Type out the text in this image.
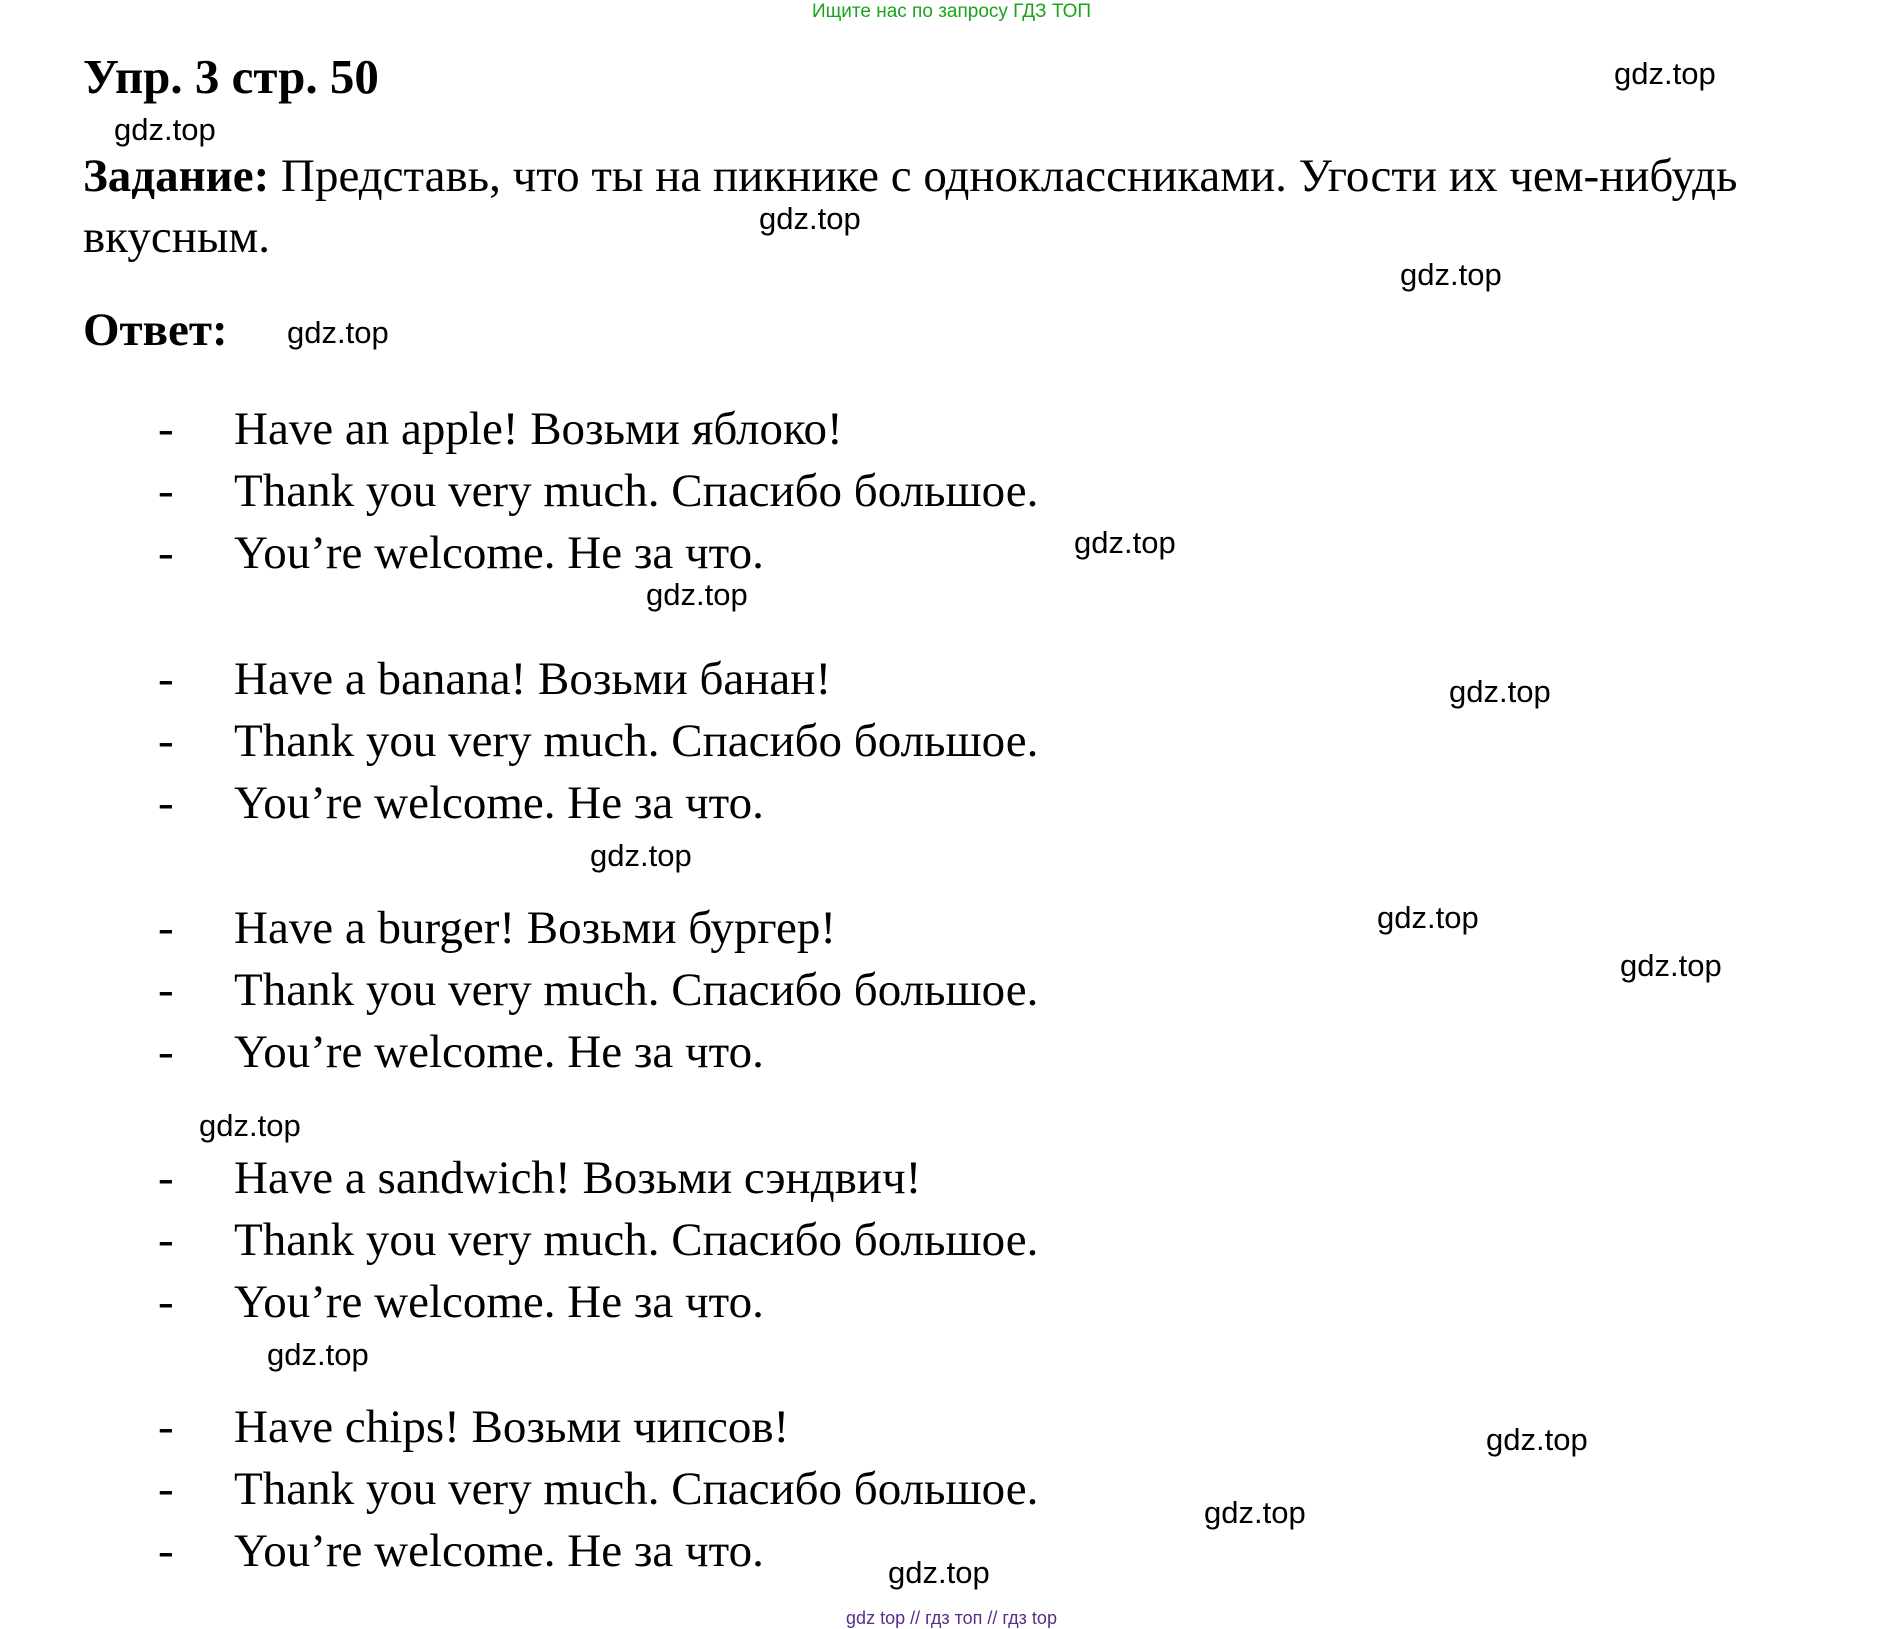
Ищите нас по запросу ГДЗ ТОП
Упр. 3 стр. 50
Задание: Представь, что ты на пикнике с одноклассниками. Угости их чем-нибудь вкусным.
Ответ:
- Have an apple! Возьми яблоко!
- Thank you very much. Спасибо большое.
- You’re welcome. Не за что.
- Have a banana! Возьми банан!
- Thank you very much. Спасибо большое.
- You’re welcome. Не за что.
- Have a burger! Возьми бургер!
- Thank you very much. Спасибо большое.
- You’re welcome. Не за что.
- Have a sandwich! Возьми сэндвич!
- Thank you very much. Спасибо большое.
- You’re welcome. Не за что.
- Have chips! Возьми чипсов!
- Thank you very much. Спасибо большое.
- You’re welcome. Не за что.
gdz.top
gdz.top
gdz.top
gdz.top
gdz.top
gdz.top
gdz.top
gdz.top
gdz.top
gdz.top
gdz.top
gdz.top
gdz.top
gdz.top
gdz.top
gdz.top
gdz top // гдз топ // гдз top
